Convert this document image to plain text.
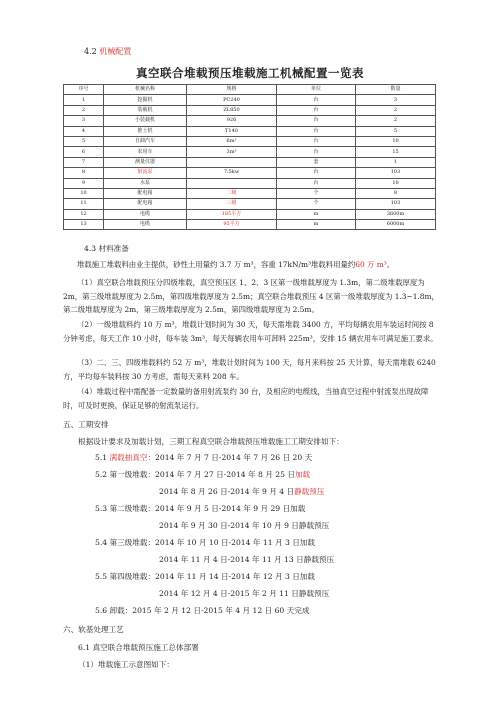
4.2 机械配置
真空联合堆载预压堆载施工机械配置一览表
序号	机械名称	规格	单位	数量
1	挖掘机	PC240	台	3
2	装载机	ZL850	台	2
3	小装载机	926	台	2
4	推土机	T140	台	5
5	自卸汽车	6m³	台	10
6	农用车	3m³	台	15
7	测量仪器		套	1
8	射流泵	7.5kw	台	103
9	水泵		台	10
10	配电箱	二级	个	8
11	配电箱	三级	个	103
12	电缆	185平方	m	3600m
13	电缆	95平方	m	6000m
4.3 材料准备
堆载施工堆载料由业主提供，砂性土用量约 3.7 万 m³，容重 17kN/m³堆载料用量约60 万 m³。
（1）真空联合堆载预压分四级堆载，真空预压区 1、2、3 区第一级堆载厚度为 1.3m，第二级堆载厚度为 2m，第三级堆载厚度为 2.5m，第四级堆载厚度为 2.5m；真空联合堆载预压 4 区第一级堆载厚度为 1.3~1.8m，第二级堆载厚度为 2m，第三级堆载厚度为 2.5m，第四级堆载厚度为 2.5m。
（2）一级堆载料约 10 万 m³，堆载计划时间为 30 天，每天需堆载 3400 方，平均每辆农用车装运时间按 8 分钟考虑，每天工作 10 小时，每车装 3m³，每天每辆农用车可卸料 225m³，安排 15 辆农用车可满足施工要求。
（3）二、三、四级堆载料约 52 万 m³，堆载计划时间为 100 天，每月来料按 25 天计算，每天需堆载 6240 方，平均每车装料按 30 方考虑，需每天来料 208 车。
（4）堆载过程中需配备一定数量的备用射流泵约 30 台，及相应的电缆线，当抽真空过程中射流泵出现故障时，可及时更换，保证足够的射流泵运行。
五、工期安排
根据设计要求及加载计划，三期工程真空联合堆载预压堆载施工工期安排如下：
5.1 满载抽真空：2014 年 7 月 7 日-2014 年 7 月 26 日 20 天
5.2 第一级堆载：2014 年 7 月 27 日-2014 年 8 月 25 日加载
2014 年 8 月 26 日-2014 年 9 月 4 日静载预压
5.3 第二级堆载：2014 年 9 月 5 日-2014 年 9 月 29 日加载
2014 年 9 月 30 日-2014 年 10 月 9 日静载预压
5.4 第三级堆载：2014 年 10 月 10 日-2014 年 11 月 3 日加载
2014 年 11 月 4 日-2014 年 11 月 13 日静载预压
5.5 第四级堆载：2014 年 11 月 14 日-2014 年 12 月 3 日加载
2014 年 12 月 4 日-2015 年 2 月 11 日静载预压
5.6 卸载：2015 年 2 月 12 日-2015 年 4 月 12 日 60 天完成
六、软基处理工艺
6.1 真空联合堆载预压施工总体部署
（1）堆载施工示意图如下：
